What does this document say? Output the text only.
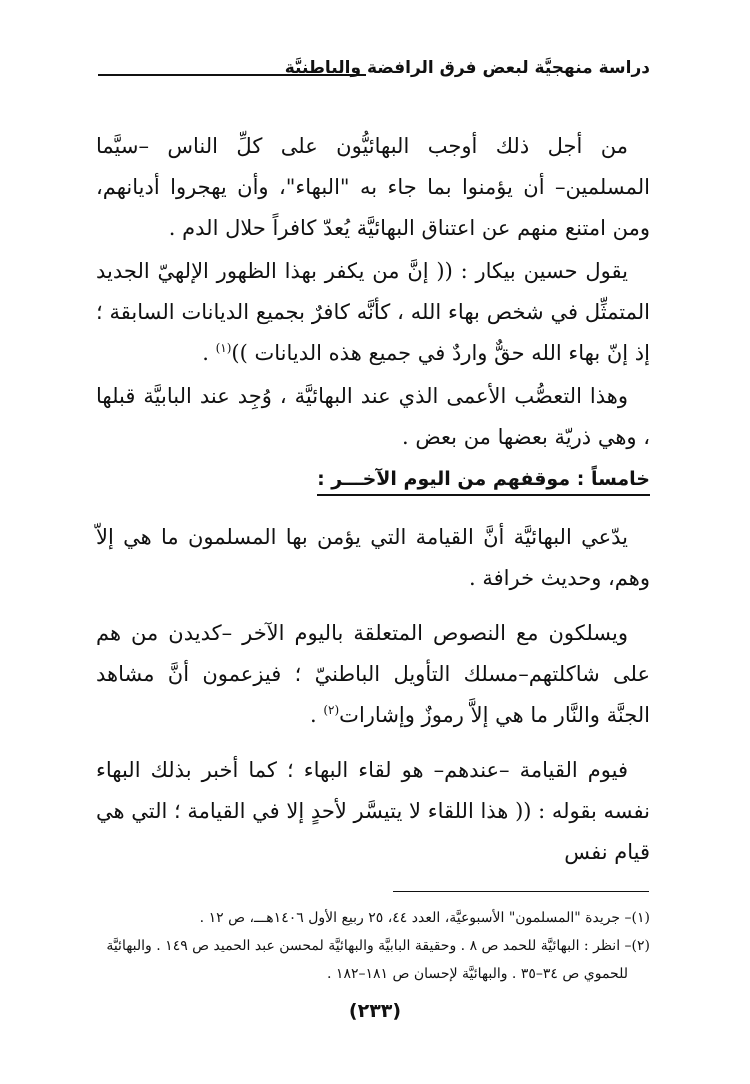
دراسة منهجيَّة لبعض فرق الرافضة والباطنيَّة

من أجل ذلك أوجب البهائيُّون على كلِّ الناس –سيَّما المسلمين– أن يؤمنوا بما جاء به "البهاء"، وأن يهجروا أديانهم، ومن امتنع منهم عن اعتناق البهائيَّة يُعدّ كافراً حلال الدم .

يقول حسين بيكار : (( إنَّ من يكفر بهذا الظهور الإلهيّ الجديد المتمثِّل في شخص بهاء الله ، كأنَّه كافرٌ بجميع الديانات السابقة ؛ إذ إنّ بهاء الله حقٌّ واردٌ في جميع هذه الديانات ))$^{(١)}$ .

وهذا التعصُّب الأعمى الذي عند البهائيَّة ، وُجِد عند البابيَّة قبلها ، وهي ذريّة بعضها من بعض .

خامساً : موقفهم من اليوم الآخـــر :

يدّعي البهائيَّة أنَّ القيامة التي يؤمن بها المسلمون ما هي إلاّ وهم، وحديث خرافة .

ويسلكون مع النصوص المتعلقة باليوم الآخر –كديدن من هم على شاكلتهم–مسلك التأويل الباطنيّ ؛ فيزعمون أنَّ مشاهد الجنَّة والنَّار ما هي إلاَّ رموزٌ وإشارات$^{(٢)}$ .

فيوم القيامة –عندهم– هو لقاء البهاء ؛ كما أخبر بذلك البهاء نفسه بقوله : (( هذا اللقاء لا يتيسَّر لأحدٍ إلا في القيامة ؛ التي هي قيام نفس

(١)– جريدة "المسلمون" الأسبوعيَّة، العدد ٤٤، ٢٥ ربيع الأول ١٤٠٦هـــ، ص ١٢ .

(٢)– انظر : البهائيَّة للحمد ص ٨ . وحقيقة البابيَّة والبهائيَّة لمحسن عبد الحميد ص ١٤٩ . والبهائيَّة

للحموي ص ٣٤–٣٥ . والبهائيَّة لإحسان ص ١٨١–١٨٢ .

(٢٣٣)
